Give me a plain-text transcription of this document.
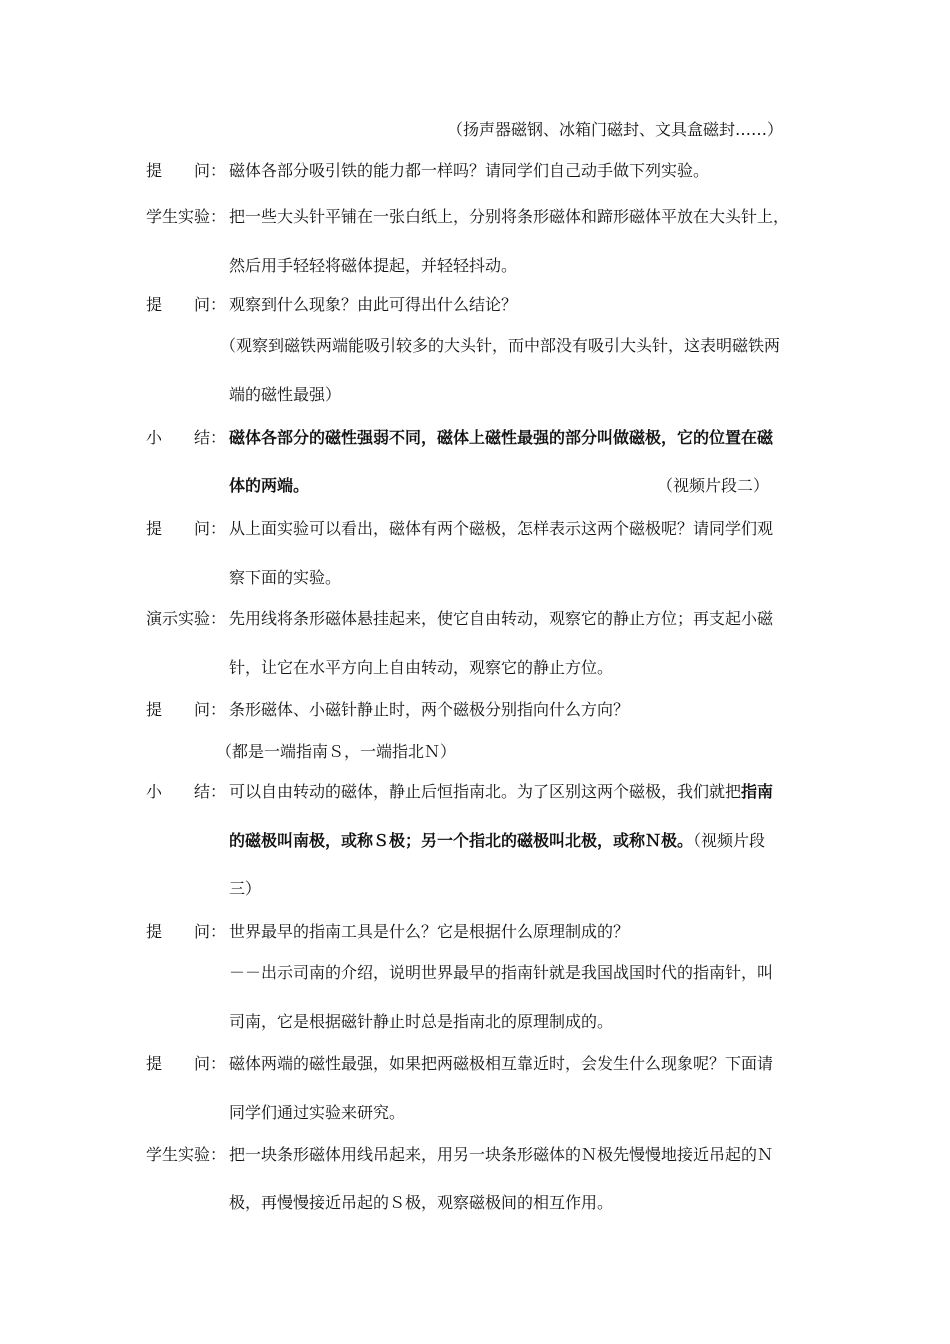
（扬声器磁钢、冰箱门磁封、文具盒磁封……）
提 问： 磁体各部分吸引铁的能力都一样吗？请同学们自己动手做下列实验。
学生实验： 把一些大头针平铺在一张白纸上，分别将条形磁体和蹄形磁体平放在大头针上，
然后用手轻轻将磁体提起，并轻轻抖动。
提 问： 观察到什么现象？由此可得出什么结论？
（观察到磁铁两端能吸引较多的大头针，而中部没有吸引大头针，这表明磁铁两
端的磁性最强）
小 结： 磁体各部分的磁性强弱不同，磁体上磁性最强的部分叫做磁极，它的位置在磁
体的两端。	（视频片段二）
提 问： 从上面实验可以看出，磁体有两个磁极，怎样表示这两个磁极呢？请同学们观
察下面的实验。
演示实验： 先用线将条形磁体悬挂起来，使它自由转动，观察它的静止方位；再支起小磁
针，让它在水平方向上自由转动，观察它的静止方位。
提 问： 条形磁体、小磁针静止时，两个磁极分别指向什么方向？
（都是一端指南Ｓ，一端指北Ｎ）
小 结： 可以自由转动的磁体，静止后恒指南北。为了区别这两个磁极，我们就把指南
的磁极叫南极，或称Ｓ极；另一个指北的磁极叫北极，或称Ｎ极。（视频片段
三）
提 问： 世界最早的指南工具是什么？它是根据什么原理制成的？
－－出示司南的介绍，说明世界最早的指南针就是我国战国时代的指南针，叫
司南，它是根据磁针静止时总是指南北的原理制成的。
提 问： 磁体两端的磁性最强，如果把两磁极相互靠近时，会发生什么现象呢？下面请
同学们通过实验来研究。
学生实验： 把一块条形磁体用线吊起来，用另一块条形磁体的Ｎ极先慢慢地接近吊起的Ｎ
极，再慢慢接近吊起的Ｓ极，观察磁极间的相互作用。
